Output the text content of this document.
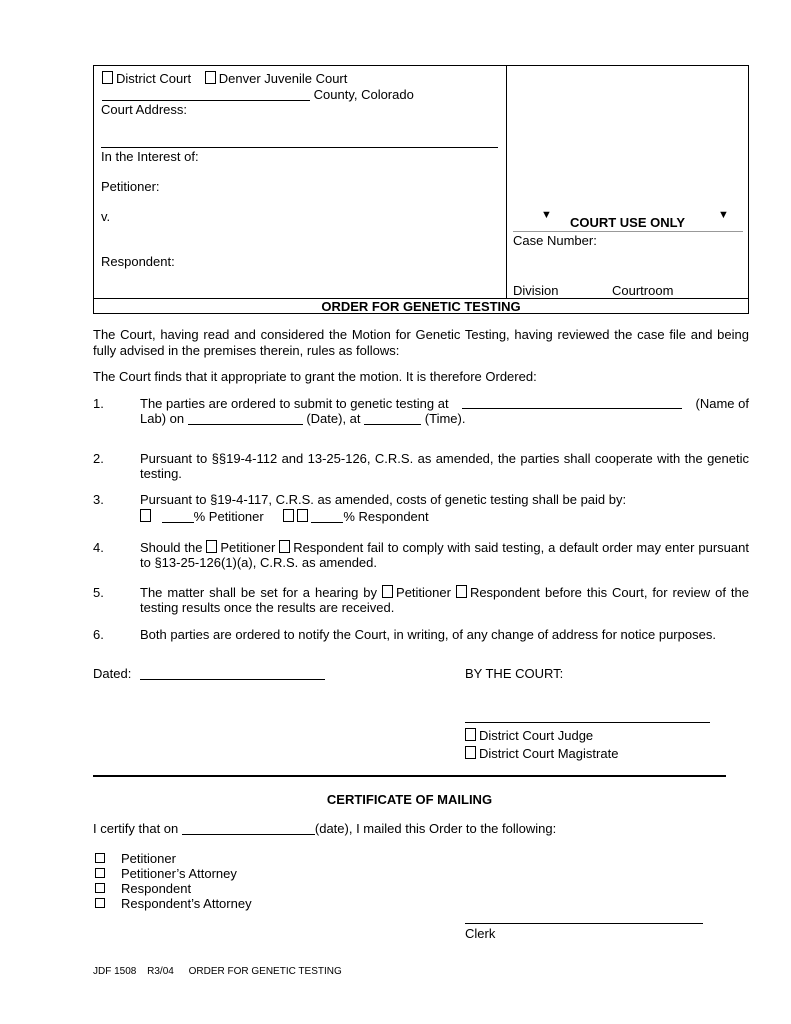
District Court Denver Juvenile Court
County, Colorado
Court Address:
In the Interest of:
Petitioner:
v.
Respondent:
▼	▼
COURT USE ONLY
Case Number:
Division	Courtroom
ORDER FOR GENETIC TESTING
The Court, having read and considered the Motion for Genetic Testing, having reviewed the case file and being
fully advised in the premises therein, rules as follows:
The Court finds that it appropriate to grant the motion. It is therefore Ordered:
1.	The parties are ordered to submit to genetic testing at	(Name of
Lab) on	(Date), at	(Time).
2.	Pursuant to §§19-4-112 and 13-25-126, C.R.S. as amended, the parties shall cooperate with the genetic
testing.
3.	Pursuant to §19-4-117, C.R.S. as amended, costs of genetic testing shall be paid by:
% Petitioner	% Respondent
4.	Should the Petitioner Respondent fail to comply with said testing, a default order may enter pursuant
to §13-25-126(1)(a), C.R.S. as amended.
5.	The matter shall be set for a hearing by Petitioner Respondent before this Court, for review of the
testing results once the results are received.
6.	Both parties are ordered to notify the Court, in writing, of any change of address for notice purposes.
Dated:	BY THE COURT:
District Court Judge
District Court Magistrate
CERTIFICATE OF MAILING
I certify that on	(date), I mailed this Order to the following:
Petitioner
Petitioner’s Attorney
Respondent
Respondent’s Attorney
Clerk
JDF 1508 R3/04 ORDER FOR GENETIC TESTING
